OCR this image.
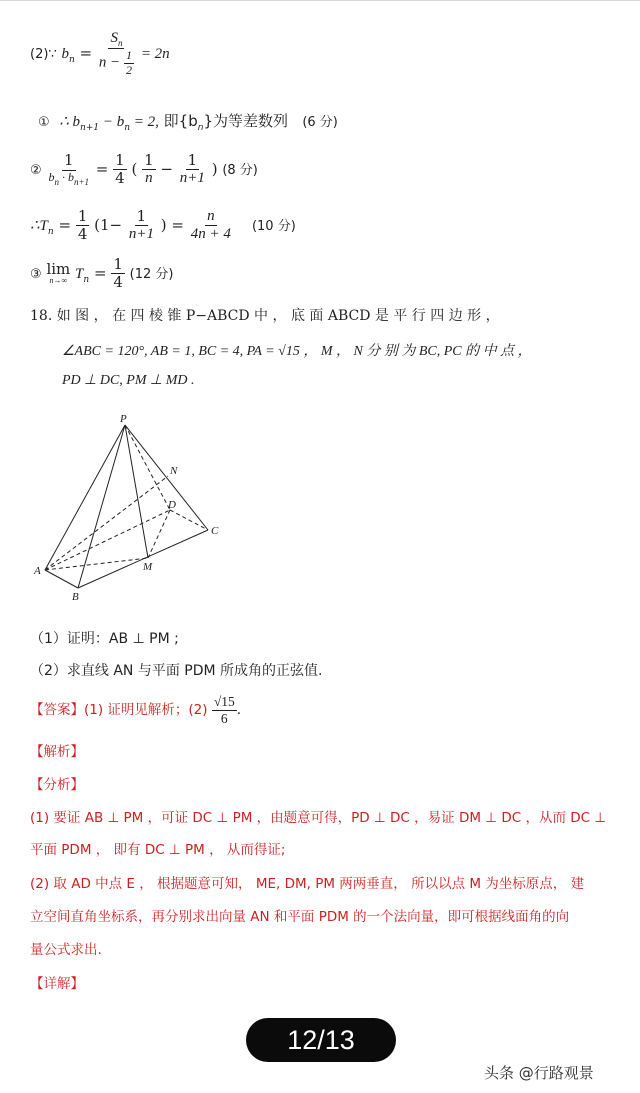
(2)∵ $b_n = \frac{S_n}{n - \frac{1}{2}} = 2n$
① ∴ $b_{n+1} - b_n = 2$, 即$\{b_n\}$为等差数列 (6 分)
② $\frac{1}{b_n \cdot b_{n+1}} = \frac{1}{4}$ ( $\frac{1}{n} - \frac{1}{n+1}$ ) (8 分)
$\therefore T_n = \frac{1}{4} (1- \frac{1}{n+1}$ ) = $\frac{n}{4n + 4} (10$ 分)
③ lim
n→∞ $T_n = \frac{1}{4} (12$ 分)
18. 如 图 ， 在 四 棱 锥 P−ABCD 中 ， 底 面 ABCD 是 平 行 四 边 形 ，
∠ABC = 120°, AB = 1, BC = 4, PA = √15 ， M ， N 分 别 为 BC, PC 的 中 点 ，
PD ⊥ DC, PM ⊥ MD .
P
N
D
C
A	M
B
（1）证明：AB ⊥ PM ;
（2）求直线 AN 与平面 PDM 所成角的正弦值.
【答案】(1) 证明见解析；$(2) \frac{√15}{6}$ .
【解析】
【分析】
(1) 要证 AB ⊥ PM ，可证 DC ⊥ PM ，由题意可得，PD ⊥ DC ，易证 DM ⊥ DC ，从而 DC ⊥
平面 PDM ， 即有 DC ⊥ PM ， 从而得证;
(2) 取 AD 中点 E ， 根据题意可知， ME, DM, PM 两两垂直， 所以以点 M 为坐标原点， 建
立空间直角坐标系，再分别求出向量 AN 和平面 PDM 的一个法向量，即可根据线面角的向
量公式求出.
【详解】
12/13
头条 @行路观景
